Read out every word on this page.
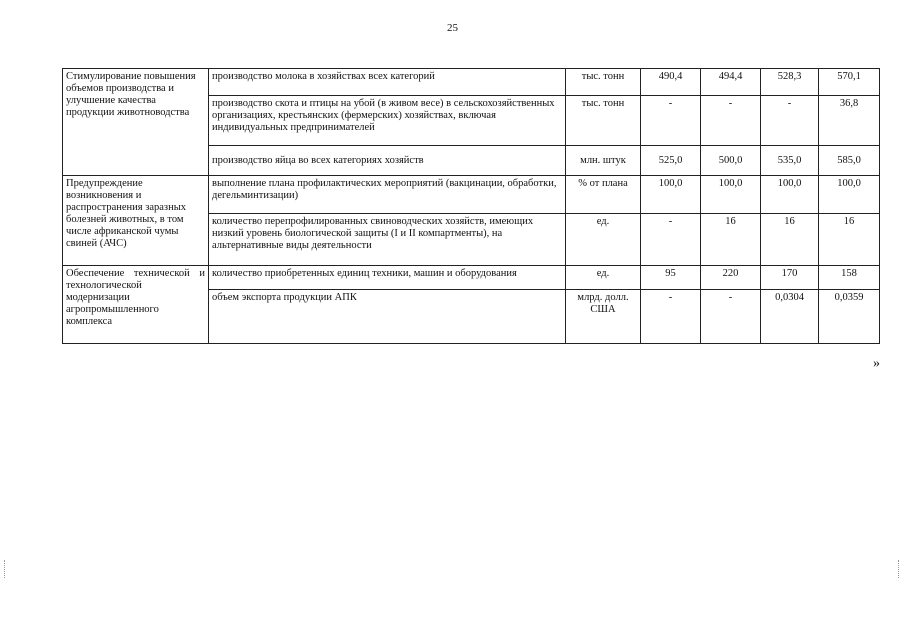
25
Стимулирование повышения объемов производства и улучшение качества продукции животноводства	производство молока в хозяйствах всех категорий	тыс. тонн	490,4	494,4	528,3	570,1
	производство скота и птицы на убой (в живом весе) в сельскохозяйственных организациях, крестьянских (фермерских) хозяйствах, включая индивидуальных предпринимателей	тыс. тонн	-	-	-	36,8
	производство яйца во всех категориях хозяйств	млн. штук	525,0	500,0	535,0	585,0
Предупреждение возникновения и распространения заразных болезней животных, в том числе африканской чумы свиней (АЧС)	выполнение плана профилактических мероприятий (вакцинации, обработки, дегельминтизации)	% от плана	100,0	100,0	100,0	100,0
	количество перепрофилированных свиноводческих хозяйств, имеющих низкий уровень биологической защиты (I и II компартменты), на альтернативные виды деятельности	ед.	-	16	16	16
Обеспечение технической и технологической модернизации агропромышленного комплекса	количество приобретенных единиц техники, машин и оборудования	ед.	95	220	170	158
	объем экспорта продукции АПК	млрд. долл. США	-	-	0,0304	0,0359
»
